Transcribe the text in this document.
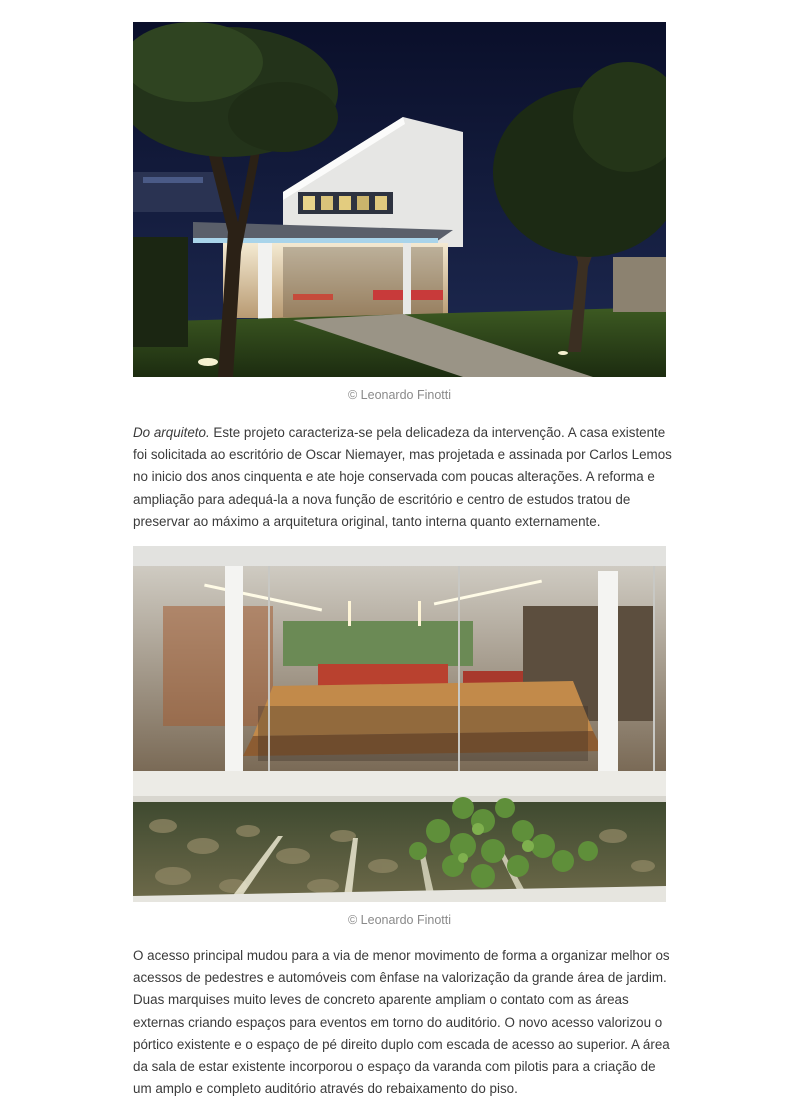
© Leonardo Finotti

Do arquiteto. Este projeto caracteriza-se pela delicadeza da intervenção. A casa existente foi solicitada ao escritório de Oscar Niemayer, mas projetada e assinada por Carlos Lemos no inicio dos anos cinquenta e ate hoje conservada com poucas alterações. A reforma e ampliação para adequá-la a nova função de escritório e centro de estudos tratou de preservar ao máximo a arquitetura original, tanto interna quanto externamente.

© Leonardo Finotti

O acesso principal mudou para a via de menor movimento de forma a organizar melhor os acessos de pedestres e automóveis com ênfase na valorização da grande área de jardim. Duas marquises muito leves de concreto aparente ampliam o contato com as áreas externas criando espaços para eventos em torno do auditório. O novo acesso valorizou o pórtico existente e o espaço de pé direito duplo com escada de acesso ao superior. A área da sala de estar existente incorporou o espaço da varanda com pilotis para a criação de um amplo e completo auditório através do rebaixamento do piso.
